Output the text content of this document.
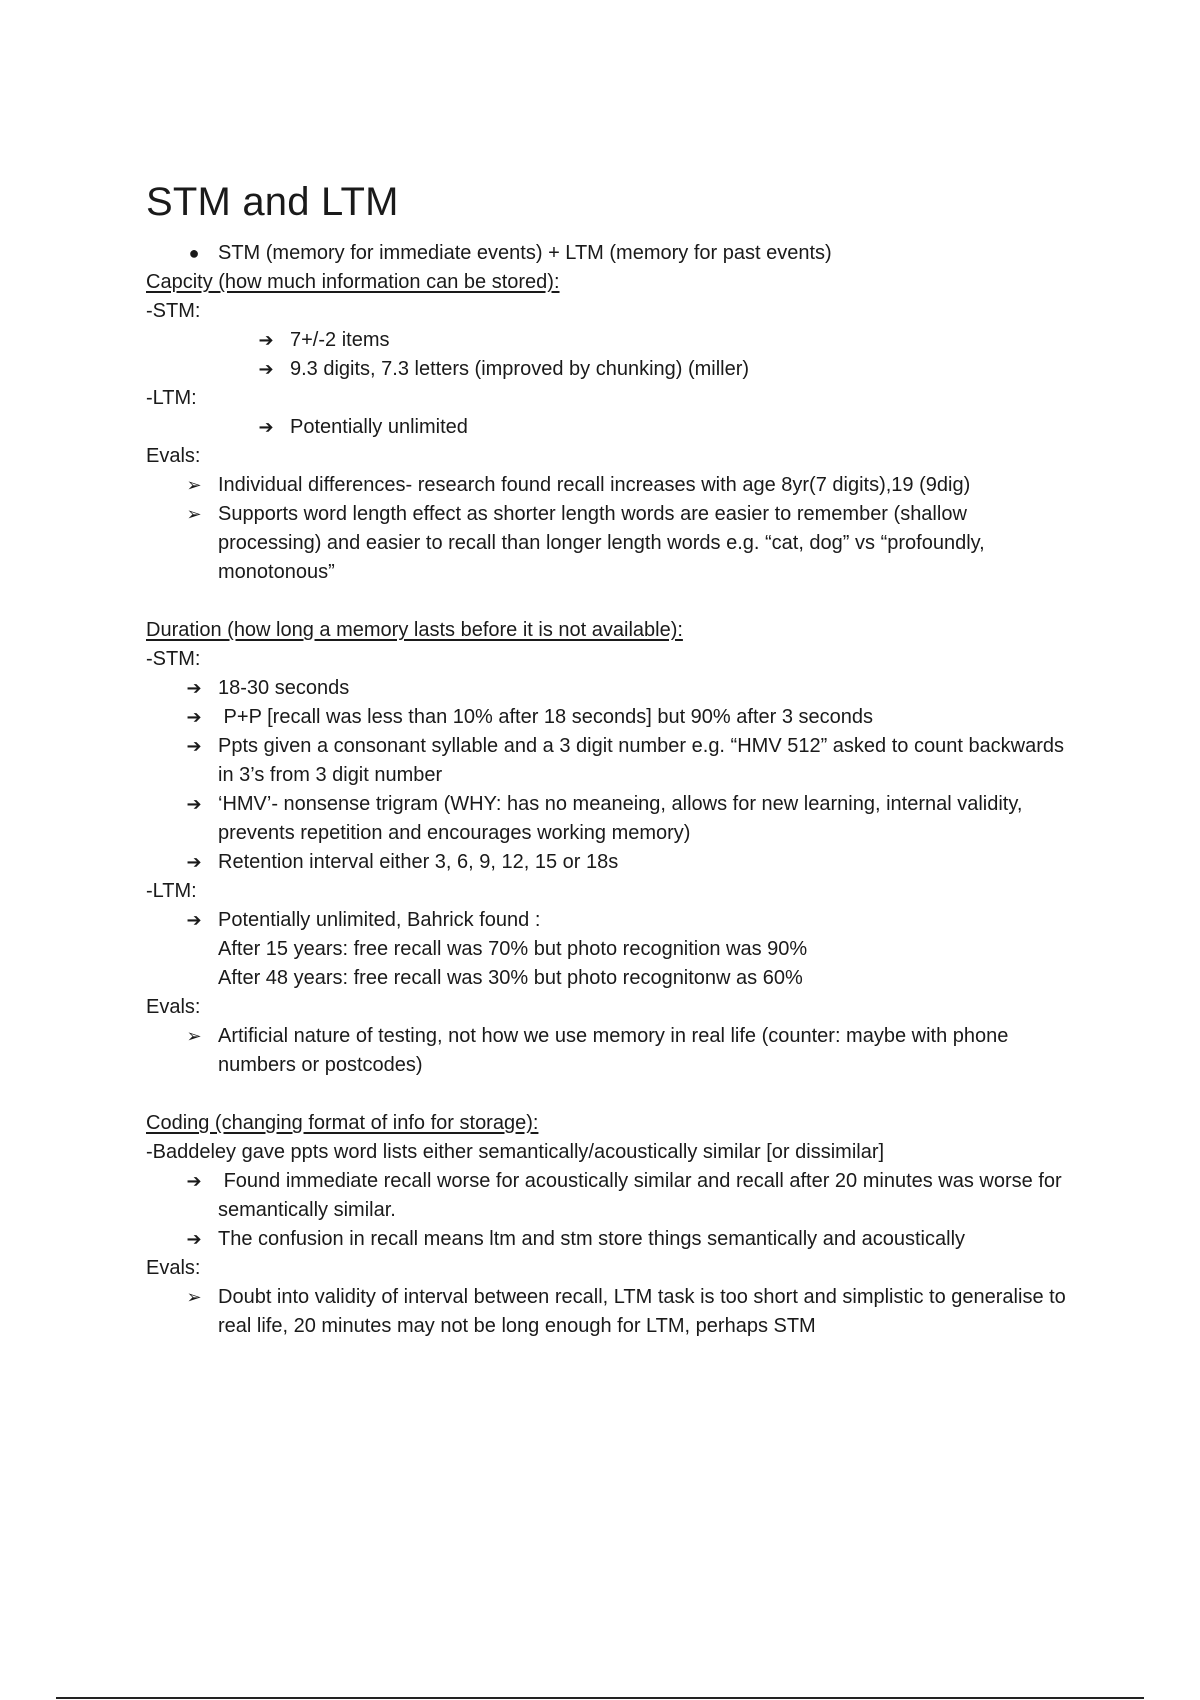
STM and LTM
● STM (memory for immediate events) + LTM (memory for past events)
Capcity (how much information can be stored):
-STM:
➔ 7+/-2 items
➔ 9.3 digits, 7.3 letters (improved by chunking) (miller)
-LTM:
➔ Potentially unlimited
Evals:
➢ Individual differences- research found recall increases with age 8yr(7 digits),19 (9dig)
➢ Supports word length effect as shorter length words are easier to remember (shallow processing) and easier to recall than longer length words e.g. “cat, dog” vs “profoundly, monotonous”
Duration (how long a memory lasts before it is not available):
-STM:
➔ 18-30 seconds
➔ P+P [recall was less than 10% after 18 seconds] but 90% after 3 seconds
➔ Ppts given a consonant syllable and a 3 digit number e.g. “HMV 512” asked to count backwards in 3’s from 3 digit number
➔ ‘HMV’- nonsense trigram (WHY: has no meaneing, allows for new learning, internal validity, prevents repetition and encourages working memory)
➔ Retention interval either 3, 6, 9, 12, 15 or 18s
-LTM:
➔ Potentially unlimited, Bahrick found :
After 15 years: free recall was 70% but photo recognition was 90%
After 48 years: free recall was 30% but photo recognitonw as 60%
Evals:
➢ Artificial nature of testing, not how we use memory in real life (counter: maybe with phone numbers or postcodes)
Coding (changing format of info for storage):
-Baddeley gave ppts word lists either semantically/acoustically similar [or dissimilar]
➔ Found immediate recall worse for acoustically similar and recall after 20 minutes was worse for semantically similar.
➔ The confusion in recall means ltm and stm store things semantically and acoustically
Evals:
➢ Doubt into validity of interval between recall, LTM task is too short and simplistic to generalise to real life, 20 minutes may not be long enough for LTM, perhaps STM
